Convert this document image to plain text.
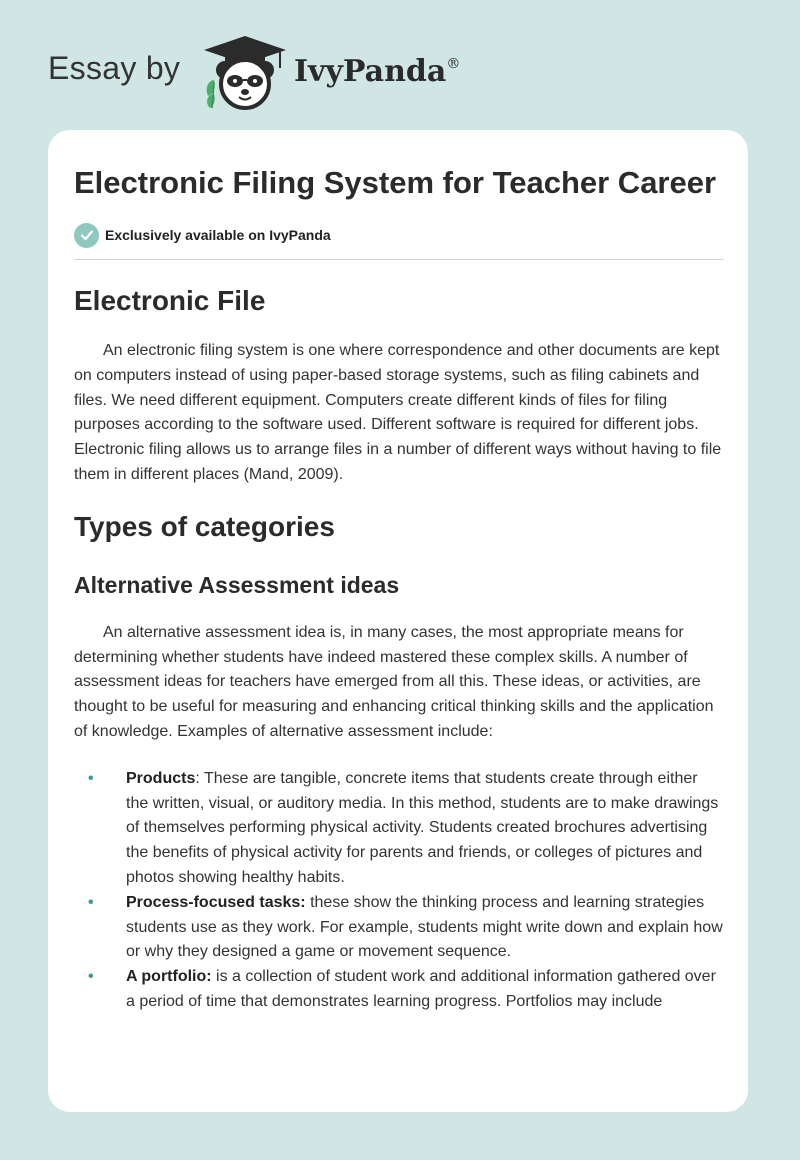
Essay by	IvyPanda®
Electronic Filing System for Teacher Career
Exclusively available on IvyPanda
Electronic File

An electronic filing system is one where correspondence and other documents are kept on computers instead of using paper-based storage systems, such as filing cabinets and files. We need different equipment. Computers create different kinds of files for filing purposes according to the software used. Different software is required for different jobs. Electronic filing allows us to arrange files in a number of different ways without having to file them in different places (Mand, 2009).

Types of categories
Alternative Assessment ideas

An alternative assessment idea is, in many cases, the most appropriate means for determining whether students have indeed mastered these complex skills. A number of assessment ideas for teachers have emerged from all this. These ideas, or activities, are thought to be useful for measuring and enhancing critical thinking skills and the application of knowledge. Examples of alternative assessment include:

• Products: These are tangible, concrete items that students create through either the written, visual, or auditory media. In this method, students are to make drawings of themselves performing physical activity. Students created brochures advertising the benefits of physical activity for parents and friends, or colleges of pictures and photos showing healthy habits.
• Process-focused tasks: these show the thinking process and learning strategies students use as they work. For example, students might write down and explain how or why they designed a game or movement sequence.
• A portfolio: is a collection of student work and additional information gathered over a period of time that demonstrates learning progress. Portfolios may include
